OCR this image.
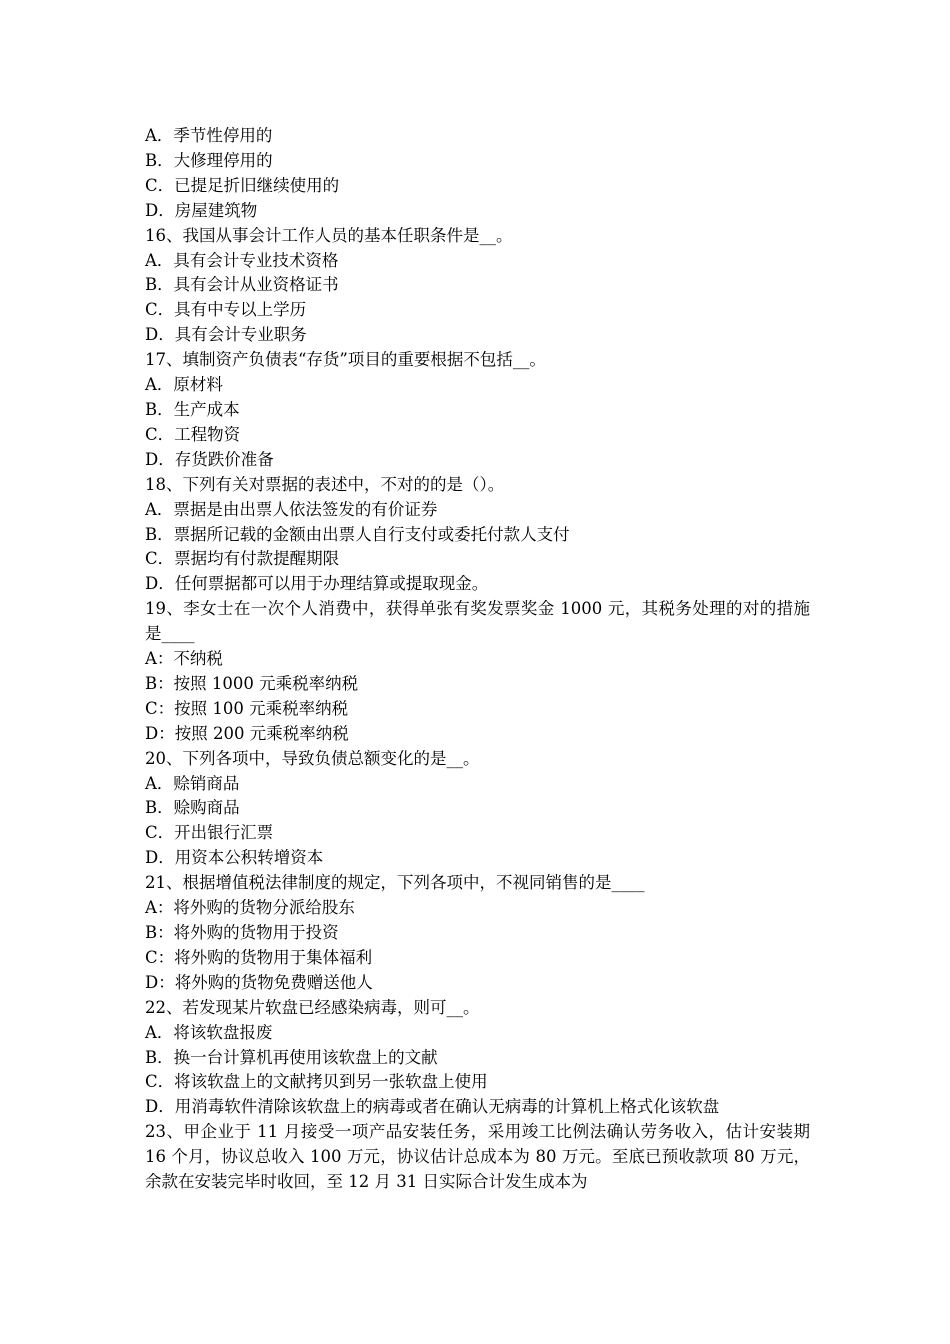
A．季节性停用的

B．大修理停用的

C．已提足折旧继续使用的

D．房屋建筑物

16、我国从事会计工作人员的基本任职条件是__。

A．具有会计专业技术资格

B．具有会计从业资格证书

C．具有中专以上学历

D．具有会计专业职务

17、填制资产负债表“存货”项目的重要根据不包括__。

A．原材料

B．生产成本

C．工程物资

D．存货跌价准备

18、下列有关对票据的表述中，不对的的是（）。

A．票据是由出票人依法签发的有价证券

B．票据所记载的金额由出票人自行支付或委托付款人支付

C．票据均有付款提醒期限

D．任何票据都可以用于办理结算或提取现金。

19、李女士在一次个人消费中，获得单张有奖发票奖金 1000 元，其税务处理的对的措施是____

A：不纳税

B：按照 1000 元乘税率纳税

C：按照 100 元乘税率纳税

D：按照 200 元乘税率纳税

20、下列各项中，导致负债总额变化的是__。

A．赊销商品

B．赊购商品

C．开出银行汇票

D．用资本公积转增资本

21、根据增值税法律制度的规定，下列各项中，不视同销售的是____

A：将外购的货物分派给股东

B：将外购的货物用于投资

C：将外购的货物用于集体福利

D：将外购的货物免费赠送他人

22、若发现某片软盘已经感染病毒，则可__。

A．将该软盘报废

B．换一台计算机再使用该软盘上的文献

C．将该软盘上的文献拷贝到另一张软盘上使用

D．用消毒软件清除该软盘上的病毒或者在确认无病毒的计算机上格式化该软盘

23、甲企业于 11 月接受一项产品安装任务，采用竣工比例法确认劳务收入，估计安装期 16 个月，协议总收入 100 万元，协议估计总成本为 80 万元。至底已预收款项 80 万元，余款在安装完毕时收回，至 12 月 31 日实际合计发生成本为
